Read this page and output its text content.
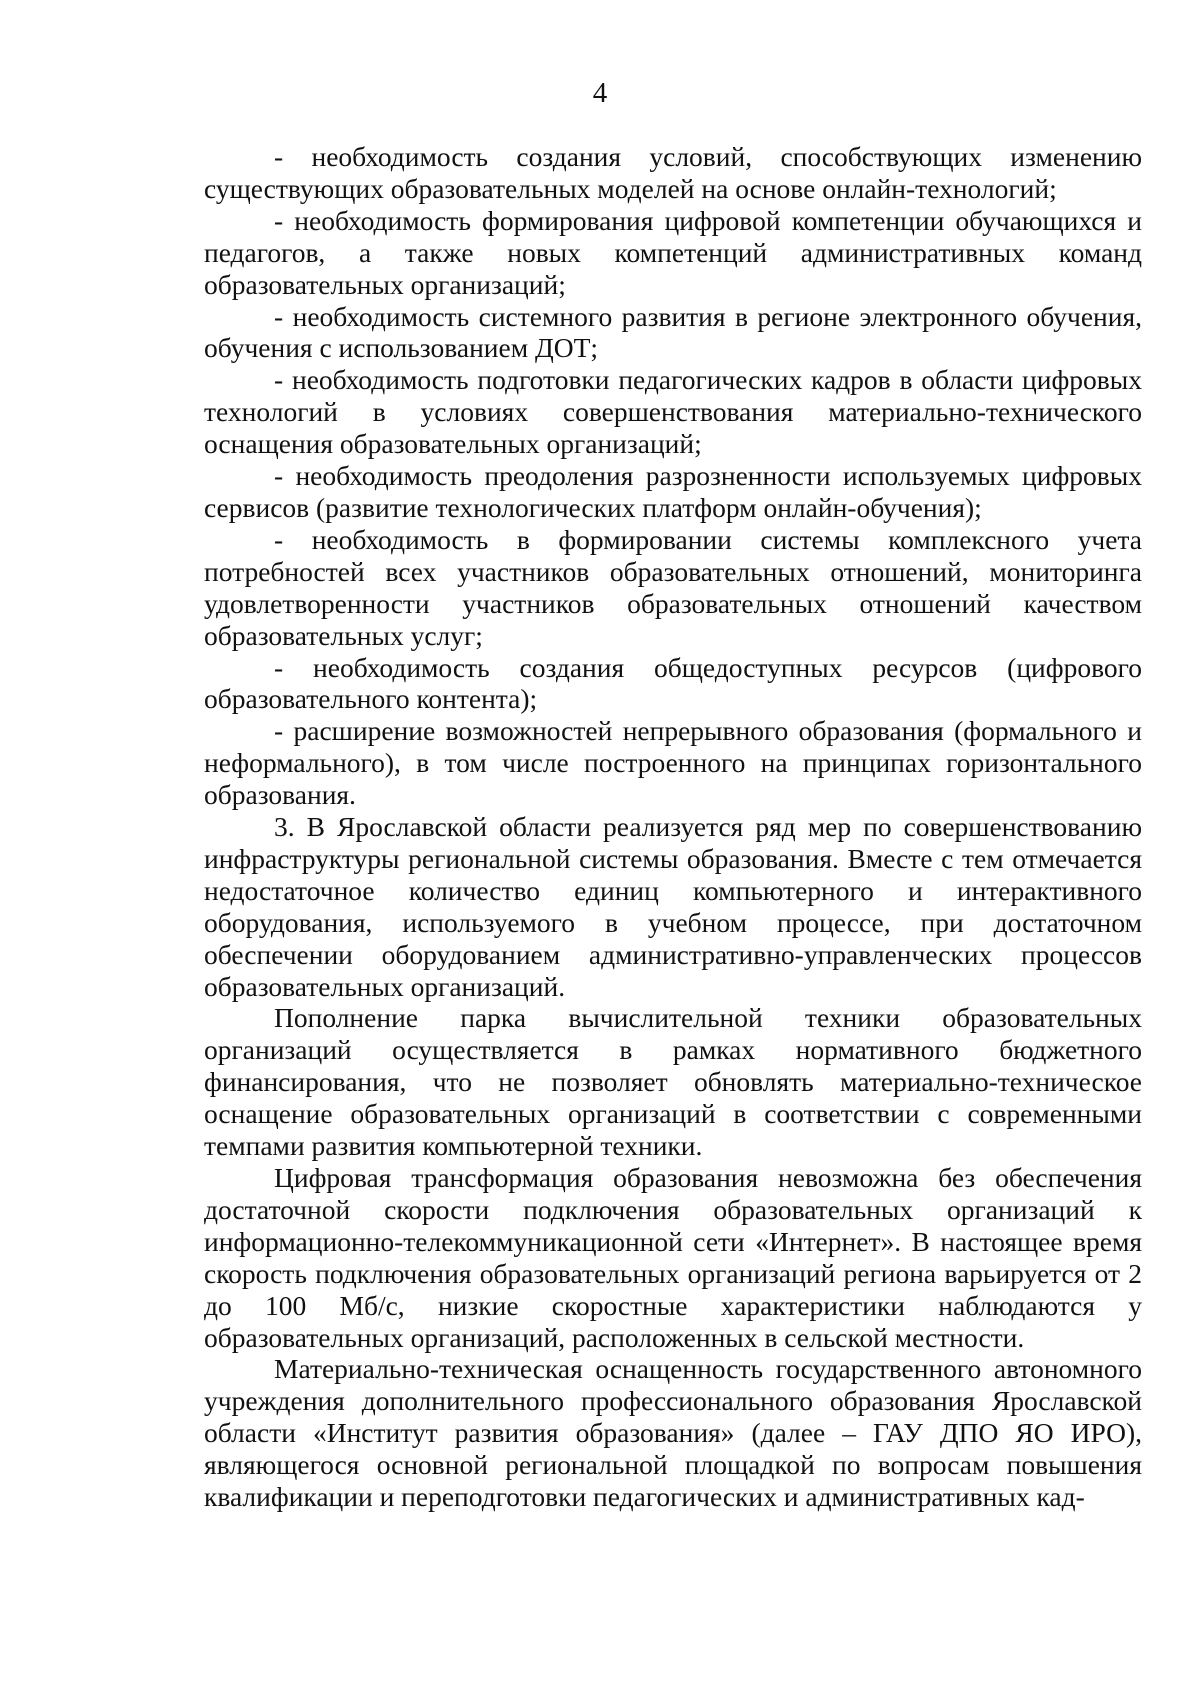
4

- необходимость создания условий, способствующих изменению существующих образовательных моделей на основе онлайн-технологий;

- необходимость формирования цифровой компетенции обучающихся и педагогов, а также новых компетенций административных команд образовательных организаций;

- необходимость системного развития в регионе электронного обучения, обучения с использованием ДОТ;

- необходимость подготовки педагогических кадров в области цифровых технологий в условиях совершенствования материально-технического оснащения образовательных организаций;

- необходимость преодоления разрозненности используемых цифровых сервисов (развитие технологических платформ онлайн-обучения);

- необходимость в формировании системы комплексного учета потребностей всех участников образовательных отношений, мониторинга удовлетворенности участников образовательных отношений качеством образовательных услуг;

- необходимость создания общедоступных ресурсов (цифрового образовательного контента);

- расширение возможностей непрерывного образования (формального и неформального), в том числе построенного на принципах горизонтального образования.

3. В Ярославской области реализуется ряд мер по совершенствованию инфраструктуры региональной системы образования. Вместе с тем отмечается недостаточное количество единиц компьютерного и интерактивного оборудования, используемого в учебном процессе, при достаточном обеспечении оборудованием административно-управленческих процессов образовательных организаций.

Пополнение парка вычислительной техники образовательных организаций осуществляется в рамках нормативного бюджетного финансирования, что не позволяет обновлять материально-техническое оснащение образовательных организаций в соответствии с современными темпами развития компьютерной техники.

Цифровая трансформация образования невозможна без обеспечения достаточной скорости подключения образовательных организаций к информационно-телекоммуникационной сети «Интернет». В настоящее время скорость подключения образовательных организаций региона варьируется от 2 до 100 Мб/с, низкие скоростные характеристики наблюдаются у образовательных организаций, расположенных в сельской местности.

Материально-техническая оснащенность государственного автономного учреждения дополнительного профессионального образования Ярославской области «Институт развития образования» (далее – ГАУ ДПО ЯО ИРО), являющегося основной региональной площадкой по вопросам повышения квалификации и переподготовки педагогических и административных кад-
